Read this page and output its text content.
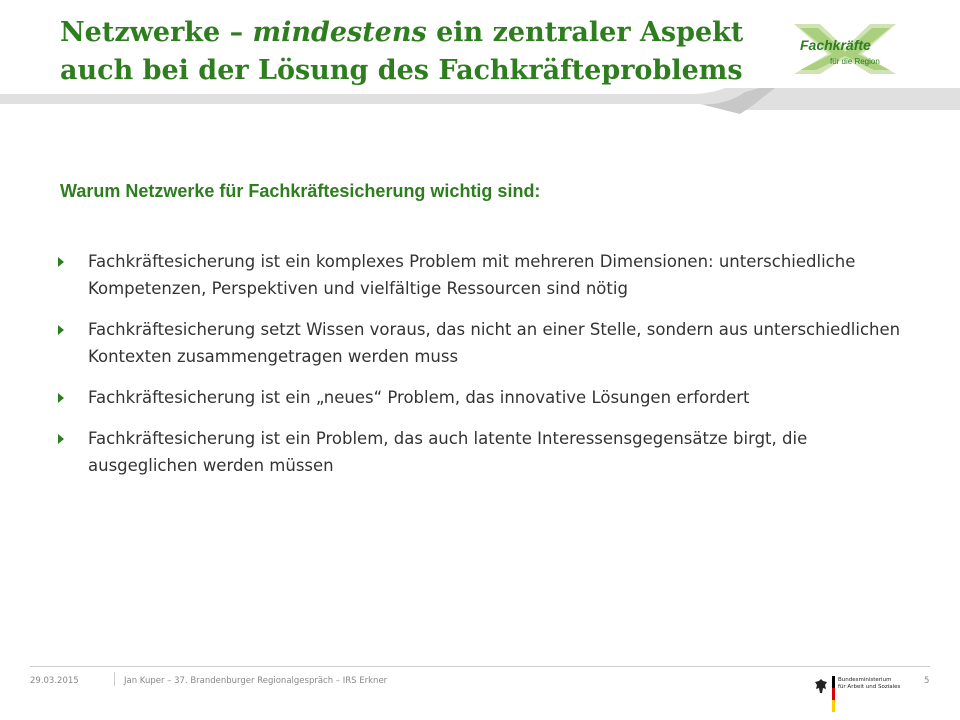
Netzwerke – mindestens ein zentraler Aspekt
auch bei der Lösung des Fachkräfteproblems
Fachkräfte
für die Region
Warum Netzwerke für Fachkräftesicherung wichtig sind:
Fachkräftesicherung ist ein komplexes Problem mit mehreren Dimensionen: unterschiedliche Kompetenzen, Perspektiven und vielfältige Ressourcen sind nötig
Fachkräftesicherung setzt Wissen voraus, das nicht an einer Stelle, sondern aus unterschiedlichen Kontexten zusammengetragen werden muss
Fachkräftesicherung ist ein „neues“ Problem, das innovative Lösungen erfordert
Fachkräftesicherung ist ein Problem, das auch latente Interessensgegensätze birgt, die ausgeglichen werden müssen
29.03.2015	Jan Kuper – 37. Brandenburger Regionalgespräch – IRS Erkner	5
Bundesministerium
für Arbeit und Soziales
